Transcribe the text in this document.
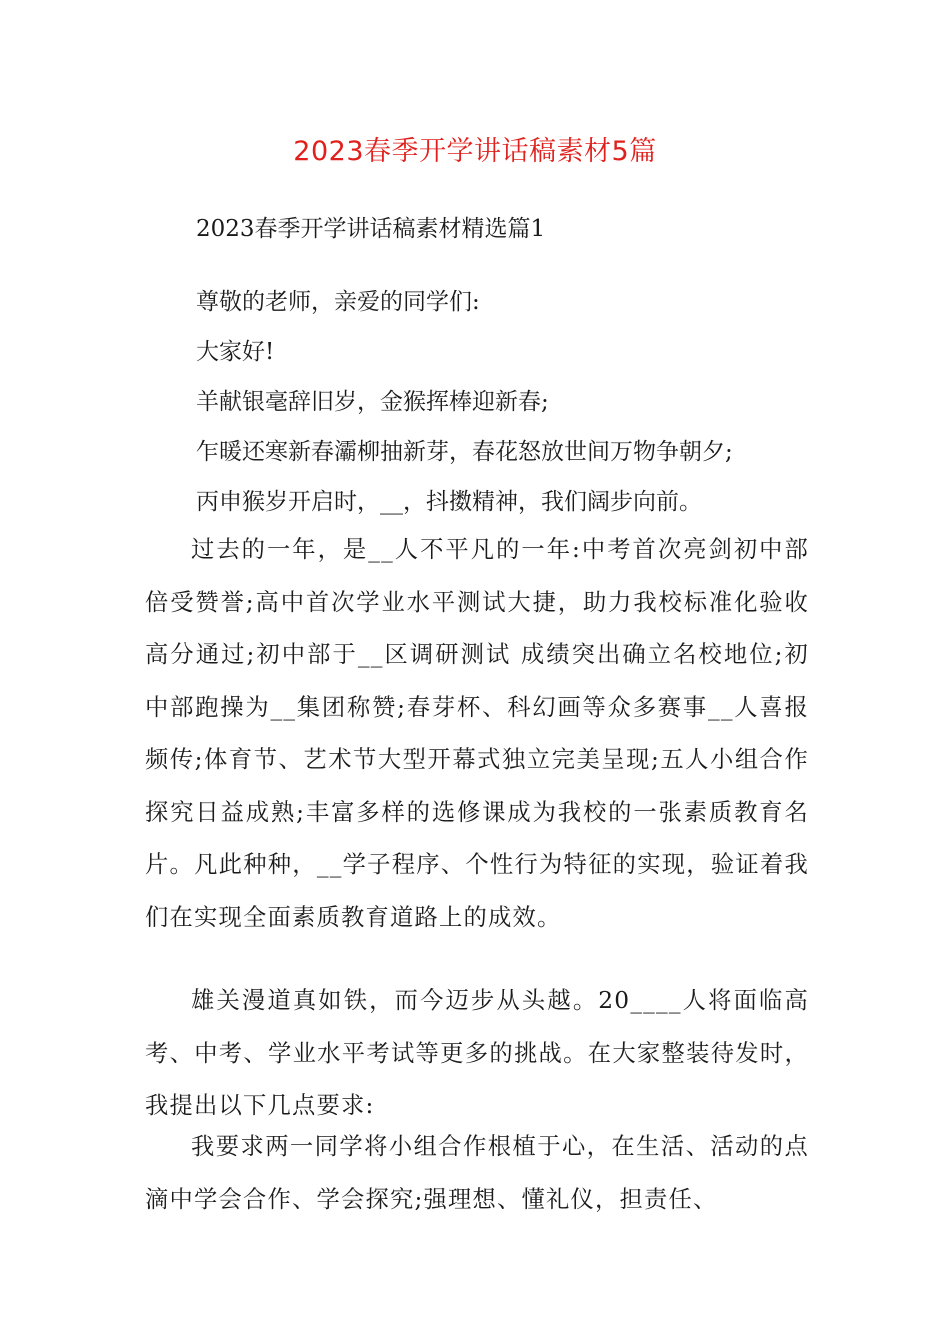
2023春季开学讲话稿素材5篇
2023春季开学讲话稿素材精选篇1
尊敬的老师，亲爱的同学们:
大家好!
羊献银毫辞旧岁，金猴挥棒迎新春;
乍暖还寒新春灞柳抽新芽，春花怒放世间万物争朝夕;
丙申猴岁开启时，__，抖擞精神，我们阔步向前。

过去的一年，是__人不平凡的一年:中考首次亮剑初中部倍受赞誉;高中首次学业水平测试大捷，助力我校标准化验收高分通过;初中部于__区调研测试 成绩突出确立名校地位;初中部跑操为__集团称赞;春芽杯、科幻画等众多赛事__人喜报频传;体育节、艺术节大型开幕式独立完美呈现;五人小组合作探究日益成熟;丰富多样的选修课成为我校的一张素质教育名片。凡此种种，__学子程序、个性行为特征的实现，验证着我们在实现全面素质教育道路上的成效。

雄关漫道真如铁，而今迈步从头越。20____人将面临高考、中考、学业水平考试等更多的挑战。在大家整装待发时，我提出以下几点要求:

我要求两一同学将小组合作根植于心，在生活、活动的点滴中学会合作、学会探究;强理想、懂礼仪，担责任、
